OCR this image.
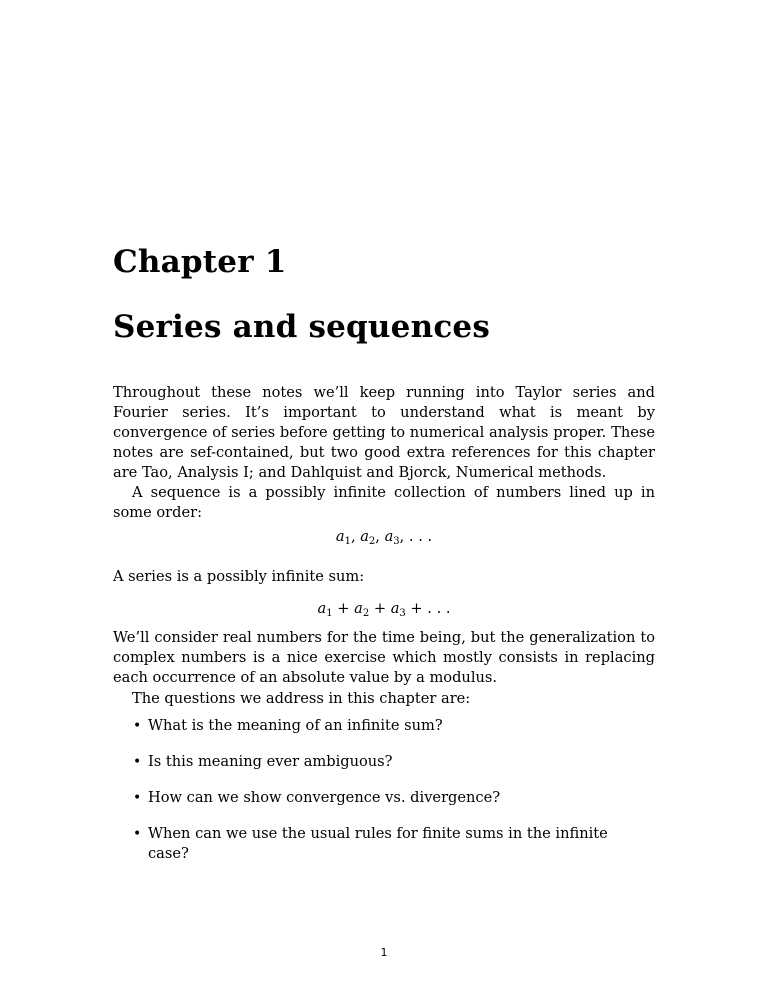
Chapter 1
Series and sequences

Throughout these notes we’ll keep running into Taylor series and Fourier series. It’s important to understand what is meant by convergence of series before getting to numerical analysis proper. These notes are sef-contained, but two good extra references for this chapter are Tao, Analysis I; and Dahlquist and Bjorck, Numerical methods.

A sequence is a possibly infinite collection of numbers lined up in some order:

$a_1$, $a_2$, $a_3$, . . .

A series is a possibly infinite sum:

$a_1 + a_2 + a_3$ + . . .

We’ll consider real numbers for the time being, but the generalization to complex numbers is a nice exercise which mostly consists in replacing each occurrence of an absolute value by a modulus.

The questions we address in this chapter are:

• What is the meaning of an infinite sum?
• Is this meaning ever ambiguous?
• How can we show convergence vs. divergence?
• When can we use the usual rules for finite sums in the infinite case?

1
